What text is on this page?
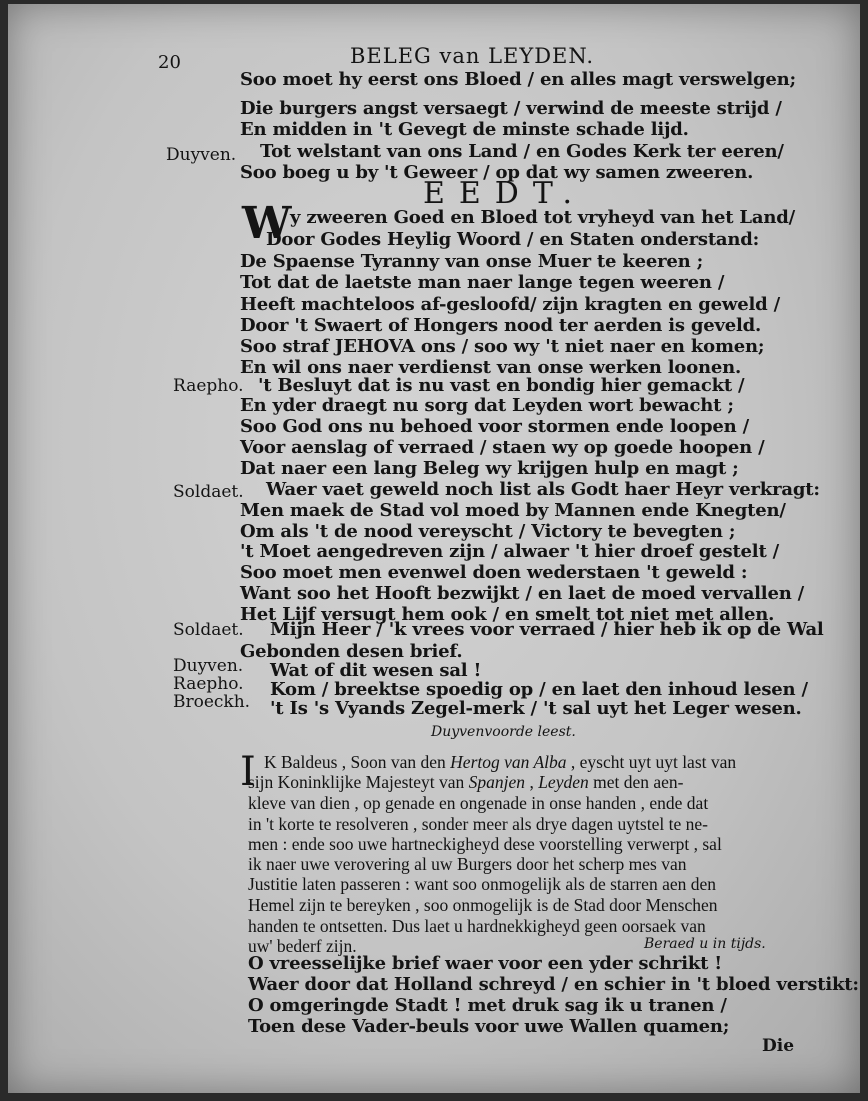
20	BELEG van LEYDEN.
Soo moet hy eerst ons Bloed / en alles magt verswelgen;
Die burgers angst versaegt / verwind de meeste strijd /
En midden in 't Gevegt de minste schade lijd.
Duyven. Tot welstant van ons Land / en Godes Kerk ter eeren/
Soo boeg u by 't Geweer / op dat wy samen zweeren.
EEDT.
W
y zweeren Goed en Bloed tot vryheyd van het Land/
Door Godes Heylig Woord / en Staten onderstand:
De Spaense Tyranny van onse Muer te keeren ;
Tot dat de laetste man naer lange tegen weeren /
Heeft machteloos af-gesloofd/ zijn kragten en geweld /
Door 't Swaert of Hongers nood ter aerden is geveld.
Soo straf JEHOVA ons / soo wy 't niet naer en komen;
En wil ons naer verdienst van onse werken loonen.
Raepho. 't Besluyt dat is nu vast en bondig hier gemackt /
En yder draegt nu sorg dat Leyden wort bewacht ;
Soo God ons nu behoed voor stormen ende loopen /
Voor aenslag of verraed / staen wy op goede hoopen /
Dat naer een lang Beleg wy krijgen hulp en magt ;
Soldaet. Waer vaet geweld noch list als Godt haer Heyr verkragt:
Men maek de Stad vol moed by Mannen ende Knegten/
Om als 't de nood vereyscht / Victory te bevegten ;
't Moet aengedreven zijn / alwaer 't hier droef gestelt /
Soo moet men evenwel doen wederstaen 't geweld :
Want soo het Hooft bezwijkt / en laet de moed vervallen /
Het Lijf versugt hem ook / en smelt tot niet met allen.
Soldaet. Mijn Heer / 'k vrees voor verraed / hier heb ik op de Wal
Gebonden desen brief.
Duyven. Wat of dit wesen sal !
Raepho. Kom / breektse spoedig op / en laet den inhoud lesen /
Broeckh. 't Is 's Vyands Zegel-merk / 't sal uyt het Leger wesen.
Duyvenvoorde leest.
I K Baldeus , Soon van den Hertog van Alba , eyscht uyt uyt last van
sijn Koninklijke Majesteyt van Spanjen , Leyden met den aen-
kleve van dien , op genade en ongenade in onse handen , ende dat
in 't korte te resolveren , sonder meer als drye dagen uytstel te ne-
men : ende soo uwe hartneckigheyd dese voorstelling verwerpt , sal
ik naer uwe verovering al uw Burgers door het scherp mes van
Justitie laten passeren : want soo onmogelijk als de starren aen den
Hemel zijn te bereyken , soo onmogelijk is de Stad door Menschen
handen te ontsetten. Dus laet u hardnekkigheyd geen oorsaek van
uw' bederf zijn.	Beraed u in tijds.
O vreesselijke brief waer voor een yder schrikt !
Waer door dat Holland schreyd / en schier in 't bloed verstikt:
O omgeringde Stadt ! met druk sag ik u tranen /
Toen dese Vader-beuls voor uwe Wallen quamen;
Die
